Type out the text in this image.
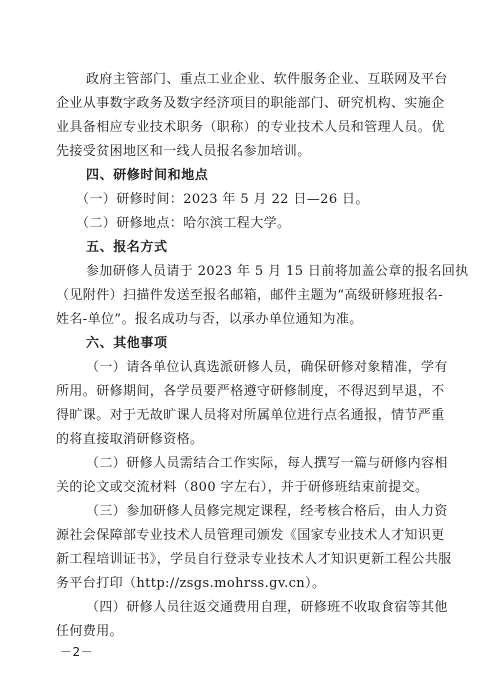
政府主管部门、重点工业企业、软件服务企业、互联网及平台
企业从事数字政务及数字经济项目的职能部门、研究机构、实施企
业具备相应专业技术职务（职称）的专业技术人员和管理人员。优
先接受贫困地区和一线人员报名参加培训。
四、研修时间和地点
（一）研修时间：2023 年 5 月 22 日—26 日。
（二）研修地点：哈尔滨工程大学。
五、报名方式
参加研修人员请于 2023 年 5 月 15 日前将加盖公章的报名回执
（见附件）扫描件发送至报名邮箱，邮件主题为“高级研修班报名-
姓名-单位”。报名成功与否，以承办单位通知为准。
六、其他事项
（一）请各单位认真选派研修人员，确保研修对象精准，学有
所用。研修期间，各学员要严格遵守研修制度，不得迟到早退，不
得旷课。对于无故旷课人员将对所属单位进行点名通报，情节严重
的将直接取消研修资格。
（二）研修人员需结合工作实际，每人撰写一篇与研修内容相
关的论文或交流材料（800 字左右），并于研修班结束前提交。
（三）参加研修人员修完规定课程，经考核合格后，由人力资
源社会保障部专业技术人员管理司颁发《国家专业技术人才知识更
新工程培训证书》，学员自行登录专业技术人才知识更新工程公共服
务平台打印（http://zsgs.mohrss.gv.cn）。
（四）研修人员往返交通费用自理，研修班不收取食宿等其他
任何费用。
－2－
